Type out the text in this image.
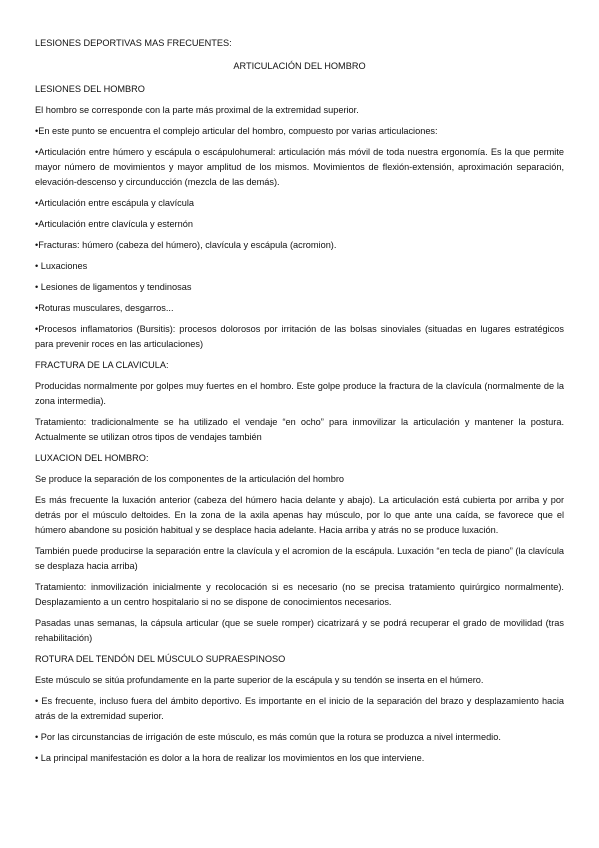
LESIONES DEPORTIVAS MAS FRECUENTES:
ARTICULACIÓN DEL HOMBRO
LESIONES DEL HOMBRO
El hombro se corresponde con la parte más proximal de la extremidad superior.
•En este punto se encuentra el complejo articular del hombro, compuesto por varias articulaciones:
•Articulación entre húmero y escápula o escápulohumeral: articulación más móvil de toda nuestra ergonomía. Es la que permite mayor número de movimientos y mayor amplitud de los mismos. Movimientos de flexión-extensión, aproximación separación, elevación-descenso y circunducción (mezcla de las demás).
•Articulación entre escápula y clavícula
•Articulación entre clavícula y esternón
•Fracturas: húmero (cabeza del húmero), clavícula y escápula (acromion).
• Luxaciones
• Lesiones de ligamentos y tendinosas
•Roturas musculares, desgarros...
•Procesos inflamatorios (Bursitis): procesos dolorosos por irritación de las bolsas sinoviales (situadas en lugares estratégicos para prevenir roces en las articulaciones)
FRACTURA DE LA CLAVICULA:
Producidas normalmente por golpes muy fuertes en el hombro. Este golpe produce la fractura de la clavícula (normalmente de la zona intermedia).
Tratamiento: tradicionalmente se ha utilizado el vendaje “en ocho” para inmovilizar la articulación y mantener la postura. Actualmente se utilizan otros tipos de vendajes también
LUXACION DEL HOMBRO:
Se produce la separación de los componentes de la articulación del hombro
Es más frecuente la luxación anterior (cabeza del húmero hacia delante y abajo). La articulación está cubierta por arriba y por detrás por el músculo deltoides. En la zona de la axila apenas hay músculo, por lo que ante una caída, se favorece que el húmero abandone su posición habitual y se desplace hacia adelante. Hacia arriba y atrás no se produce luxación.
También puede producirse la separación entre la clavícula y el acromion de la escápula. Luxación “en tecla de piano” (la clavícula se desplaza hacia arriba)
Tratamiento: inmovilización inicialmente y recolocación si es necesario (no se precisa tratamiento quirúrgico normalmente). Desplazamiento a un centro hospitalario si no se dispone de conocimientos necesarios.
Pasadas unas semanas, la cápsula articular (que se suele romper) cicatrizará y se podrá recuperar el grado de movilidad (tras rehabilitación)
ROTURA DEL TENDÓN DEL MÚSCULO SUPRAESPINOSO
Este músculo se sitúa profundamente en la parte superior de la escápula y su tendón se inserta en el húmero.
• Es frecuente, incluso fuera del ámbito deportivo. Es importante en el inicio de la separación del brazo y desplazamiento hacia atrás de la extremidad superior.
• Por las circunstancias de irrigación de este músculo, es más común que la rotura se produzca a nivel intermedio.
• La principal manifestación es dolor a la hora de realizar los movimientos en los que interviene.
